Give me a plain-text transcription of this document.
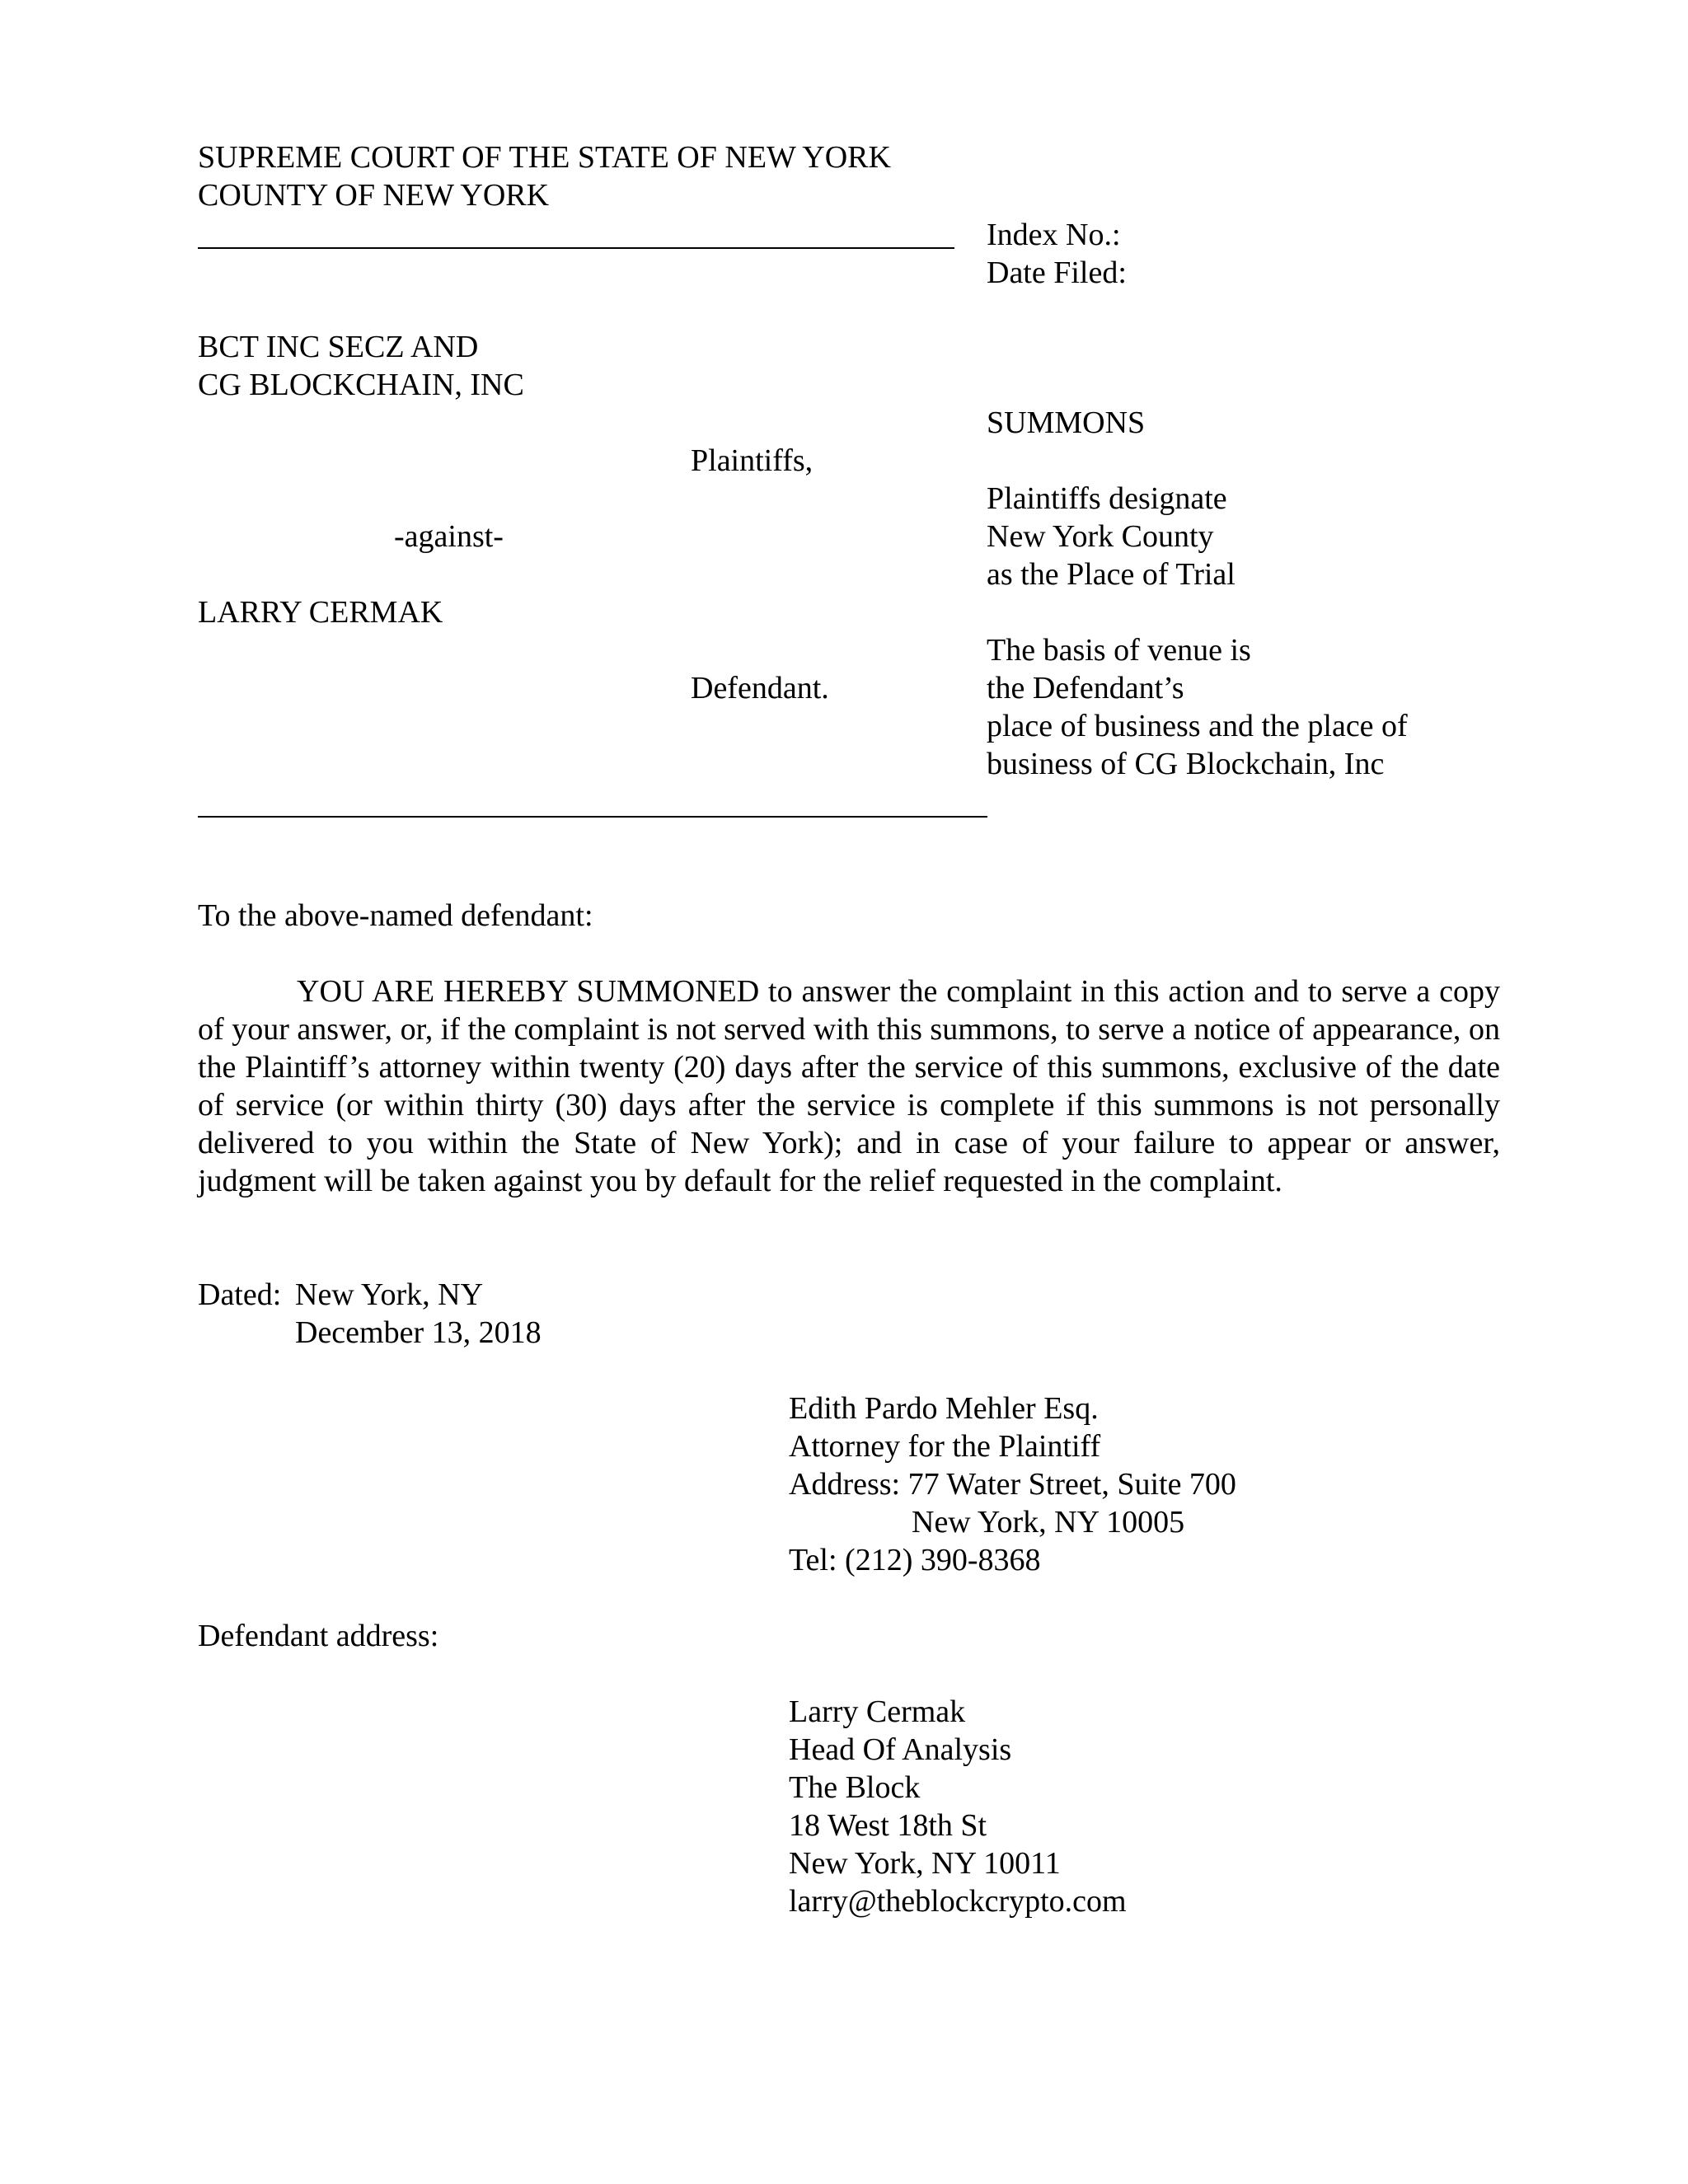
SUPREME COURT OF THE STATE OF NEW YORK

COUNTY OF NEW YORK

Index No.:

Date Filed:

BCT INC SECZ AND

CG BLOCKCHAIN, INC

Plaintiffs,

-against-

LARRY CERMAK

Defendant.

SUMMONS

Plaintiffs designate

New York County

as the Place of Trial

The basis of venue is

the Defendant’s

place of business and the place of

business of CG Blockchain, Inc

To the above-named defendant:

YOU ARE HEREBY SUMMONED to answer the complaint in this action and to serve a copy of your answer, or, if the complaint is not served with this summons, to serve a notice of appearance, on the Plaintiff’s attorney within twenty (20) days after the service of this summons, exclusive of the date of service (or within thirty (30) days after the service is complete if this summons is not personally delivered to you within the State of New York); and in case of your failure to appear or answer, judgment will be taken against you by default for the relief requested in the complaint.

Dated: New York, NY

December 13, 2018

Edith Pardo Mehler Esq.

Attorney for the Plaintiff

Address: 77 Water Street, Suite 700

New York, NY 10005

Tel: (212) 390-8368

Defendant address:

Larry Cermak

Head Of Analysis

The Block

18 West 18th St

New York, NY 10011

larry@theblockcrypto.com
